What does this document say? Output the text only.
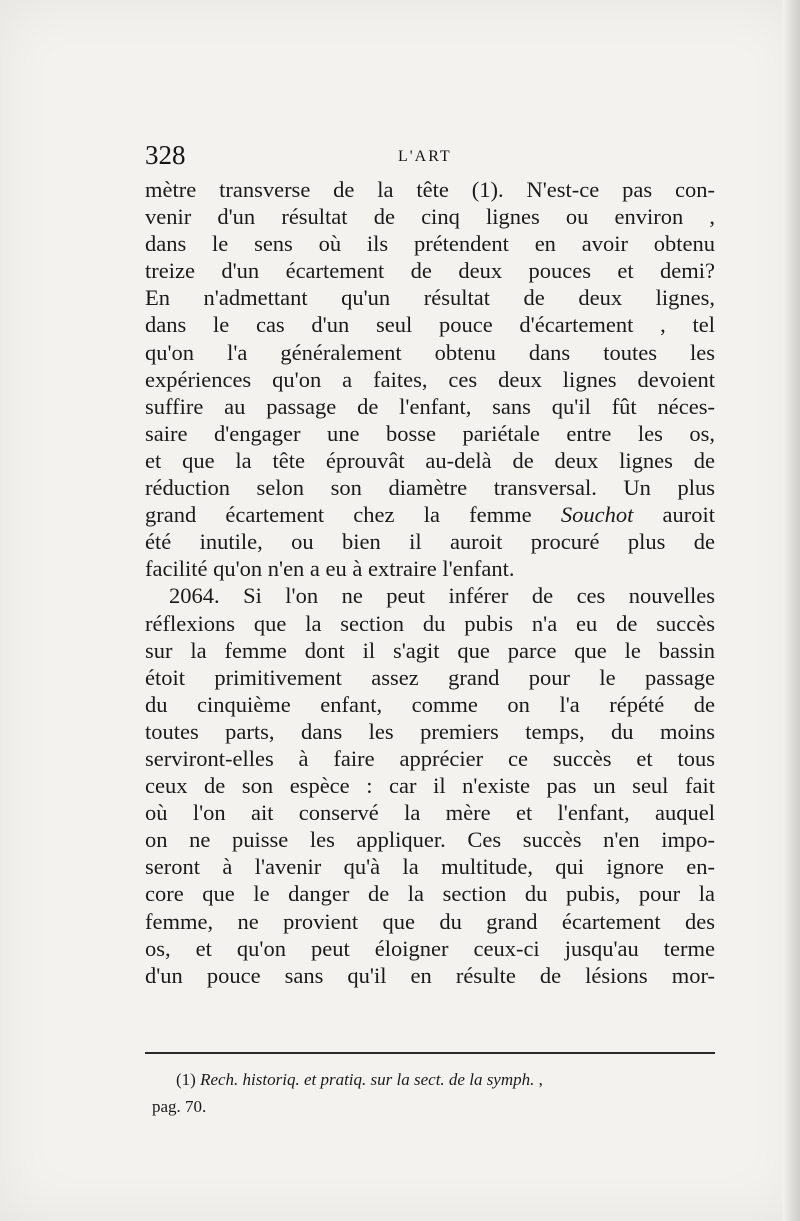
328	L'ART
mètre transverse de la tête (1). N'est-ce pas con-
venir d'un résultat de cinq lignes ou environ ,
dans le sens où ils prétendent en avoir obtenu
treize d'un écartement de deux pouces et demi?
En n'admettant qu'un résultat de deux lignes,
dans le cas d'un seul pouce d'écartement , tel
qu'on l'a généralement obtenu dans toutes les
expériences qu'on a faites, ces deux lignes devoient
suffire au passage de l'enfant, sans qu'il fût néces-
saire d'engager une bosse pariétale entre les os,
et que la tête éprouvât au-delà de deux lignes de
réduction selon son diamètre transversal. Un plus
grand écartement chez la femme Souchot auroit
été inutile, ou bien il auroit procuré plus de
facilité qu'on n'en a eu à extraire l'enfant.
2064. Si l'on ne peut inférer de ces nouvelles
réflexions que la section du pubis n'a eu de succès
sur la femme dont il s'agit que parce que le bassin
étoit primitivement assez grand pour le passage
du cinquième enfant, comme on l'a répété de
toutes parts, dans les premiers temps, du moins
serviront-elles à faire apprécier ce succès et tous
ceux de son espèce : car il n'existe pas un seul fait
où l'on ait conservé la mère et l'enfant, auquel
on ne puisse les appliquer. Ces succès n'en impo-
seront à l'avenir qu'à la multitude, qui ignore en-
core que le danger de la section du pubis, pour la
femme, ne provient que du grand écartement des
os, et qu'on peut éloigner ceux-ci jusqu'au terme
d'un pouce sans qu'il en résulte de lésions mor-
(1) Rech. historiq. et pratiq. sur la sect. de la symph. ,
pag. 70.
